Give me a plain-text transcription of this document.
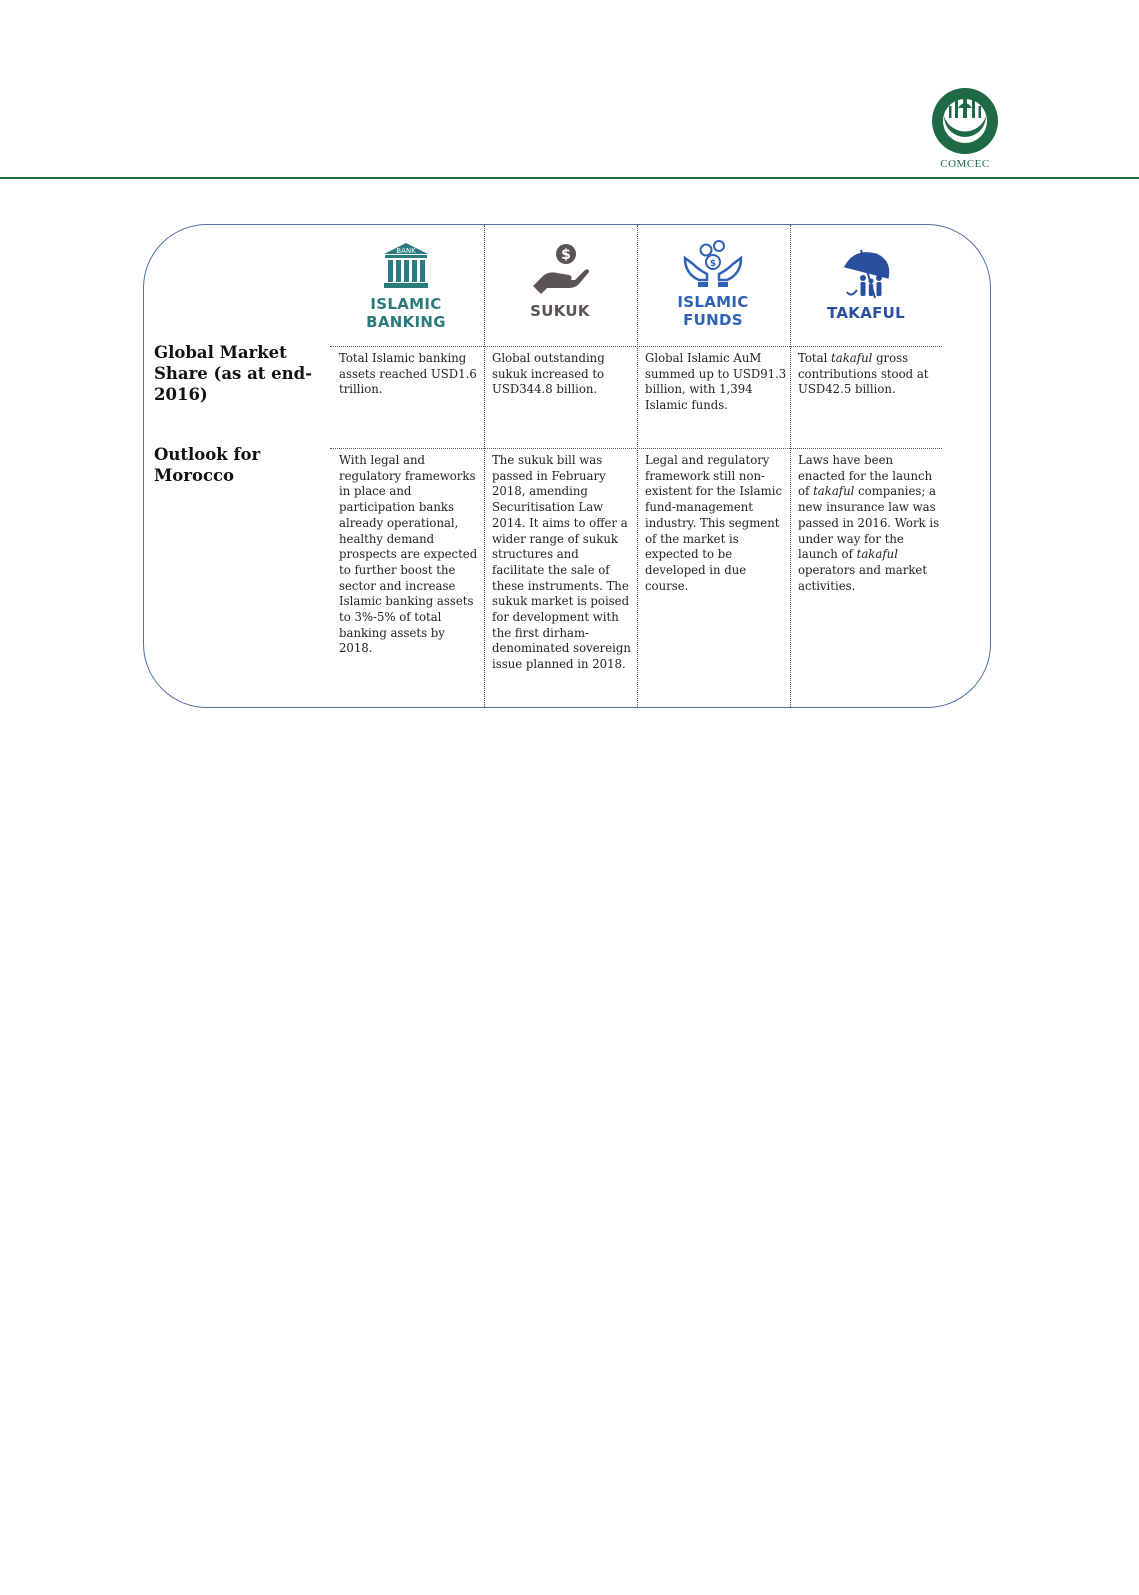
COMCEC
BANK
ISLAMIC
BANKING
$
SUKUK
$
ISLAMIC
FUNDS	TAKAFUL
Global Market Share (as at end-2016)
Outlook for Morocco
Total Islamic banking assets reached USD1.6 trillion.
Global outstanding sukuk increased to USD344.8 billion.
Global Islamic AuM summed up to USD91.3 billion, with 1,394 Islamic funds.
Total takaful gross contributions stood at USD42.5 billion.
With legal and regulatory frameworks in place and participation banks already operational, healthy demand prospects are expected to further boost the sector and increase Islamic banking assets to 3%-5% of total banking assets by 2018.
The sukuk bill was passed in February 2018, amending Securitisation Law 2014. It aims to offer a wider range of sukuk structures and facilitate the sale of these instruments. The sukuk market is poised for development with the first dirham-denominated sovereign issue planned in 2018.
Legal and regulatory framework still non-existent for the Islamic fund-management industry. This segment of the market is expected to be developed in due course.
Laws have been enacted for the launch of takaful companies; a new insurance law was passed in 2016. Work is under way for the launch of takaful operators and market activities.
